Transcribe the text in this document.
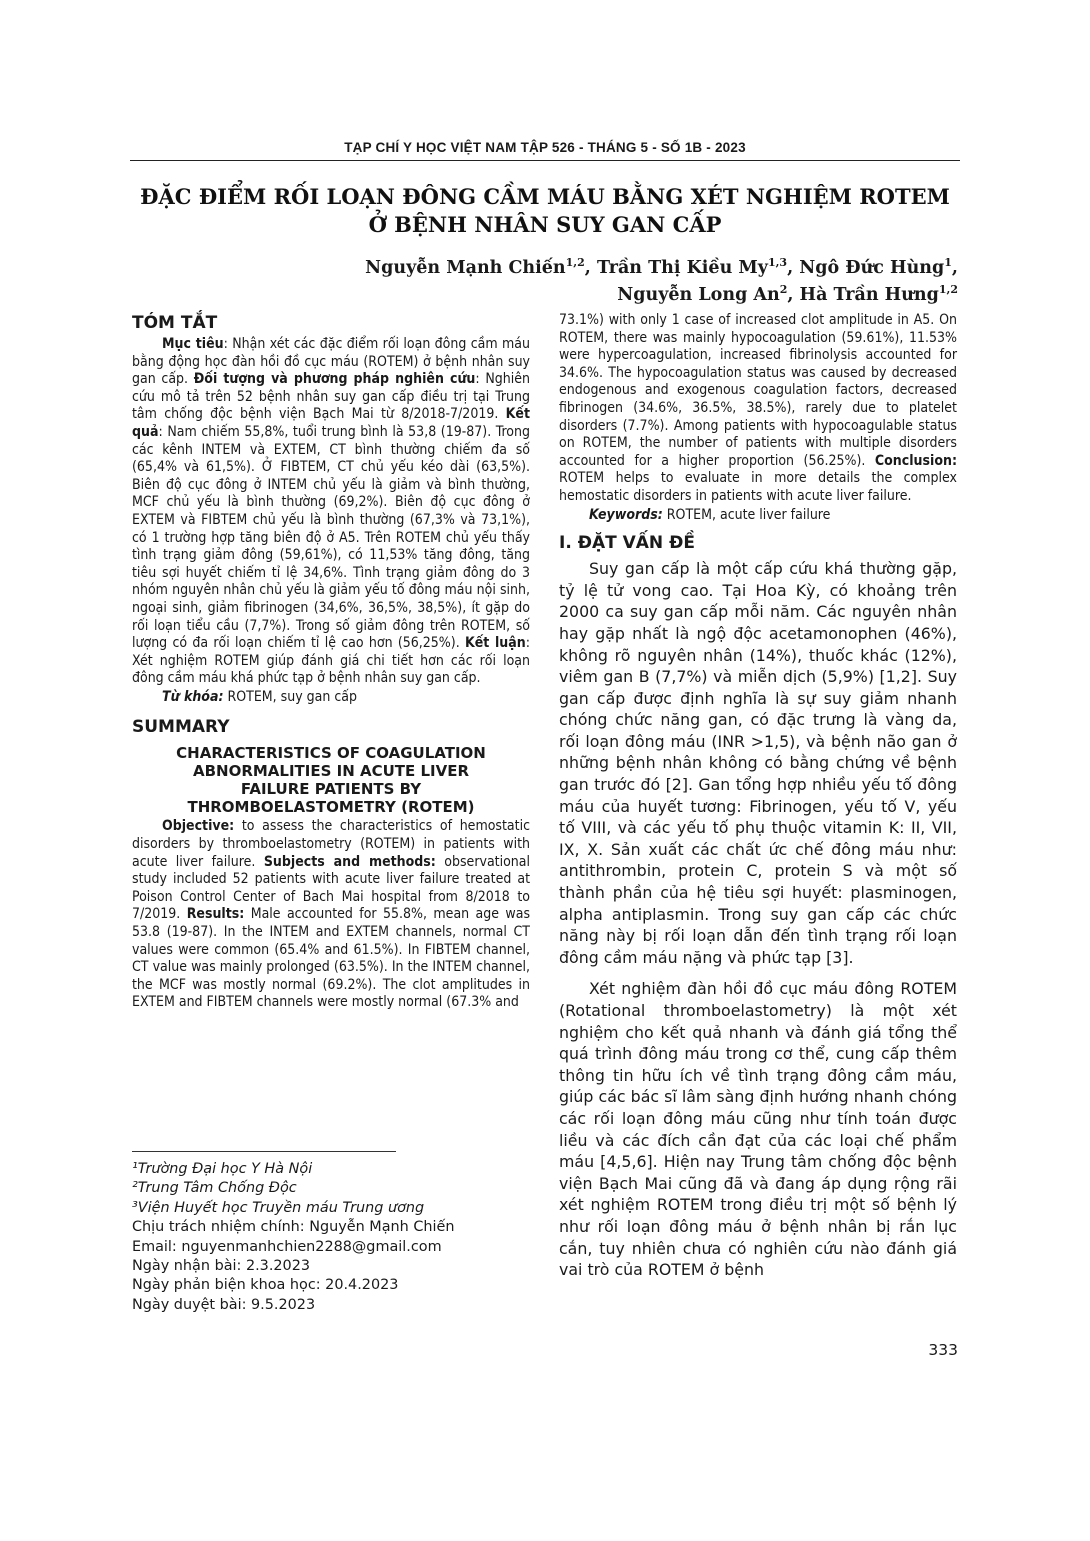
TẠP CHÍ Y HỌC VIỆT NAM TẬP 526 - THÁNG 5 - SỐ 1B - 2023
ĐẶC ĐIỂM RỐI LOẠN ĐÔNG CẦM MÁU BẰNG XÉT NGHIỆM ROTEM
Ở BỆNH NHÂN SUY GAN CẤP
Nguyễn Mạnh Chiến$^{1,2}$, Trần Thị Kiều My$^{1,3}$, Ngô Đức Hùng$^1$,
Nguyễn Long An$^2$, Hà Trần Hưng$^{1,2}$
TÓM TẮT

Mục tiêu: Nhận xét các đặc điểm rối loạn đông cầm máu bằng động học đàn hồi đồ cục máu (ROTEM) ở bệnh nhân suy gan cấp. Đối tượng và phương pháp nghiên cứu: Nghiên cứu mô tả trên 52 bệnh nhân suy gan cấp điều trị tại Trung tâm chống độc bệnh viện Bạch Mai từ 8/2018-7/2019. Kết quả: Nam chiếm 55,8%, tuổi trung bình là 53,8 (19-87). Trong các kênh INTEM và EXTEM, CT bình thường chiếm đa số (65,4% và 61,5%). Ở FIBTEM, CT chủ yếu kéo dài (63,5%). Biên độ cục đông ở INTEM chủ yếu là giảm và bình thường, MCF chủ yếu là bình thường (69,2%). Biên độ cục đông ở EXTEM và FIBTEM chủ yếu là bình thường (67,3% và 73,1%), có 1 trường hợp tăng biên độ ở A5. Trên ROTEM chủ yếu thấy tình trạng giảm đông (59,61%), có 11,53% tăng đông, tăng tiêu sợi huyết chiếm tỉ lệ 34,6%. Tình trạng giảm đông do 3 nhóm nguyên nhân chủ yếu là giảm yếu tố đông máu nội sinh, ngoại sinh, giảm fibrinogen (34,6%, 36,5%, 38,5%), ít gặp do rối loạn tiểu cầu (7,7%). Trong số giảm đông trên ROTEM, số lượng có đa rối loạn chiếm tỉ lệ cao hơn (56,25%). Kết luận: Xét nghiệm ROTEM giúp đánh giá chi tiết hơn các rối loạn đông cầm máu khá phức tạp ở bệnh nhân suy gan cấp.

Từ khóa: ROTEM, suy gan cấp

SUMMARY
CHARACTERISTICS OF COAGULATION ABNORMALITIES IN ACUTE LIVER FAILURE PATIENTS BY THROMBOELASTOMETRY (ROTEM)

Objective: to assess the characteristics of hemostatic disorders by thromboelastometry (ROTEM) in patients with acute liver failure. Subjects and methods: observational study included 52 patients with acute liver failure treated at Poison Control Center of Bach Mai hospital from 8/2018 to 7/2019. Results: Male accounted for 55.8%, mean age was 53.8 (19-87). In the INTEM and EXTEM channels, normal CT values were common (65.4% and 61.5%). In FIBTEM channel, CT value was mainly prolonged (63.5%). In the INTEM channel, the MCF was mostly normal (69.2%). The clot amplitudes in EXTEM and FIBTEM channels were mostly normal (67.3% and

¹Trường Đại học Y Hà Nội

²Trung Tâm Chống Độc

³Viện Huyết học Truyền máu Trung ương

Chịu trách nhiệm chính: Nguyễn Mạnh Chiến

Email: nguyenmanhchien2288@gmail.com

Ngày nhận bài: 2.3.2023

Ngày phản biện khoa học: 20.4.2023

Ngày duyệt bài: 9.5.2023

73.1%) with only 1 case of increased clot amplitude in A5. On ROTEM, there was mainly hypocoagulation (59.61%), 11.53% were hypercoagulation, increased fibrinolysis accounted for 34.6%. The hypocoagulation status was caused by decreased endogenous and exogenous coagulation factors, decreased fibrinogen (34.6%, 36.5%, 38.5%), rarely due to platelet disorders (7.7%). Among patients with hypocoagulable status on ROTEM, the number of patients with multiple disorders accounted for a higher proportion (56.25%). Conclusion: ROTEM helps to evaluate in more details the complex hemostatic disorders in patients with acute liver failure.

Keywords: ROTEM, acute liver failure

I. ĐẶT VẤN ĐỀ

Suy gan cấp là một cấp cứu khá thường gặp, tỷ lệ tử vong cao. Tại Hoa Kỳ, có khoảng trên 2000 ca suy gan cấp mỗi năm. Các nguyên nhân hay gặp nhất là ngộ độc acetamonophen (46%), không rõ nguyên nhân (14%), thuốc khác (12%), viêm gan B (7,7%) và miễn dịch (5,9%) [1,2]. Suy gan cấp được định nghĩa là sự suy giảm nhanh chóng chức năng gan, có đặc trưng là vàng da, rối loạn đông máu (INR >1,5), và bệnh não gan ở những bệnh nhân không có bằng chứng về bệnh gan trước đó [2]. Gan tổng hợp nhiều yếu tố đông máu của huyết tương: Fibrinogen, yếu tố V, yếu tố VIII, và các yếu tố phụ thuộc vitamin K: II, VII, IX, X. Sản xuất các chất ức chế đông máu như: antithrombin, protein C, protein S và một số thành phần của hệ tiêu sợi huyết: plasminogen, alpha antiplasmin. Trong suy gan cấp các chức năng này bị rối loạn dẫn đến tình trạng rối loạn đông cầm máu nặng và phức tạp [3].

Xét nghiệm đàn hồi đồ cục máu đông ROTEM (Rotational thromboelastometry) là một xét nghiệm cho kết quả nhanh và đánh giá tổng thể quá trình đông máu trong cơ thể, cung cấp thêm thông tin hữu ích về tình trạng đông cầm máu, giúp các bác sĩ lâm sàng định hướng nhanh chóng các rối loạn đông máu cũng như tính toán được liều và các đích cần đạt của các loại chế phẩm máu [4,5,6]. Hiện nay Trung tâm chống độc bệnh viện Bạch Mai cũng đã và đang áp dụng rộng rãi xét nghiệm ROTEM trong điều trị một số bệnh lý như rối loạn đông máu ở bệnh nhân bị rắn lục cắn, tuy nhiên chưa có nghiên cứu nào đánh giá vai trò của ROTEM ở bệnh

333
